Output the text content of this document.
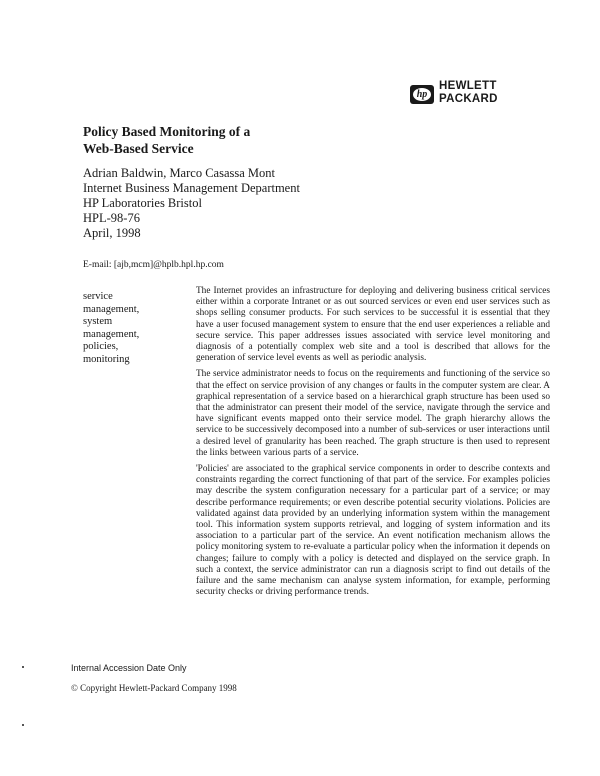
hp
HEWLETT
PACKARD
Policy Based Monitoring of a
Web-Based Service
Adrian Baldwin, Marco Casassa Mont
Internet Business Management Department
HP Laboratories Bristol
HPL-98-76
April, 1998
E-mail: [ajb,mcm]@hplb.hpl.hp.com
service
management,
system
management,
policies,
monitoring

The Internet provides an infrastructure for deploying and delivering business critical services either within a corporate Intranet or as out sourced services or even end user services such as shops selling consumer products. For such services to be successful it is essential that they have a user focused management system to ensure that the end user experiences a reliable and secure service. This paper addresses issues associated with service level monitoring and diagnosis of a potentially complex web site and a tool is described that allows for the generation of service level events as well as periodic analysis.

The service administrator needs to focus on the requirements and functioning of the service so that the effect on service provision of any changes or faults in the computer system are clear. A graphical representation of a service based on a hierarchical graph structure has been used so that the administrator can present their model of the service, navigate through the service and have significant events mapped onto their service model. The graph hierarchy allows the service to be successively decomposed into a number of sub-services or user interactions until a desired level of granularity has been reached. The graph structure is then used to represent the links between various parts of a service.

'Policies' are associated to the graphical service components in order to describe contexts and constraints regarding the correct functioning of that part of the service. For examples policies may describe the system configuration necessary for a particular part of a service; or may describe performance requirements; or even describe potential security violations. Policies are validated against data provided by an underlying information system within the management tool. This information system supports retrieval, and logging of system information and its association to a particular part of the service. An event notification mechanism allows the policy monitoring system to re-evaluate a particular policy when the information it depends on changes; failure to comply with a policy is detected and displayed on the service graph. In such a context, the service administrator can run a diagnosis script to find out details of the failure and the same mechanism can analyse system information, for example, performing security checks or driving performance trends.

Internal Accession Date Only
© Copyright Hewlett-Packard Company 1998
